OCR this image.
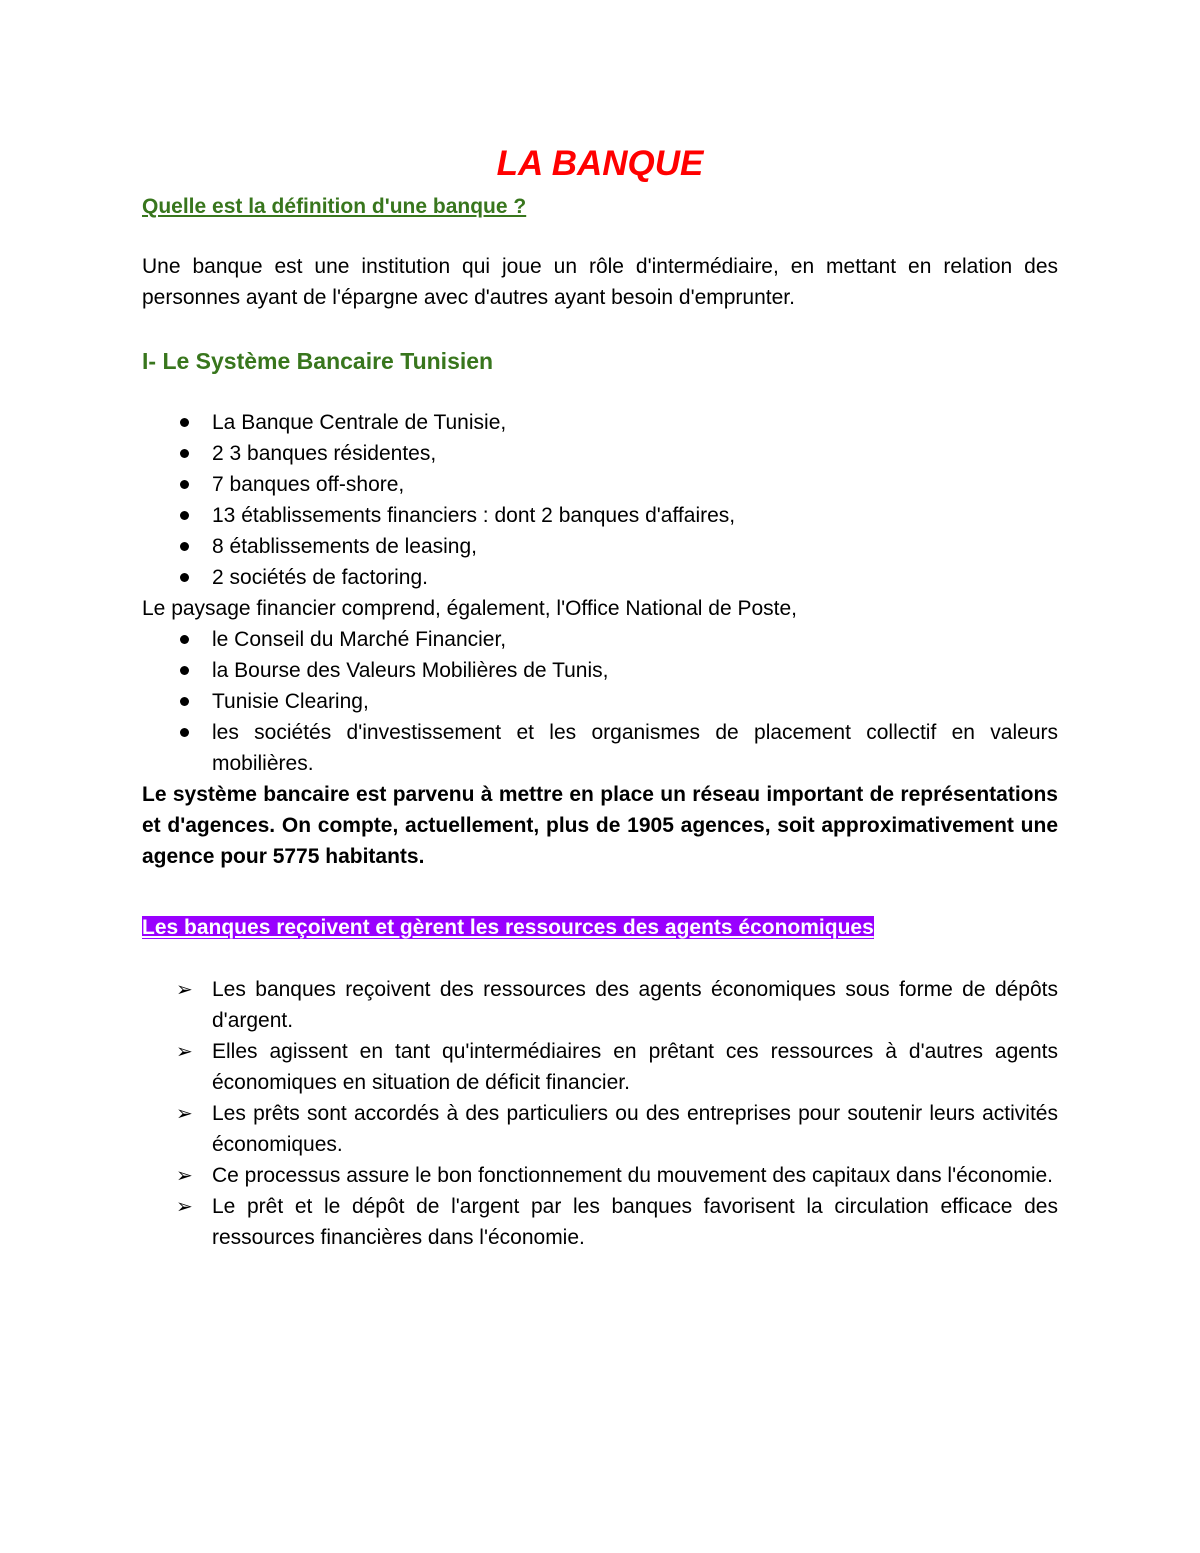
LA BANQUE
Quelle est la définition d'une banque ?

Une banque est une institution qui joue un rôle d'intermédiaire, en mettant en relation des personnes ayant de l'épargne avec d'autres ayant besoin d'emprunter.

I- Le Système Bancaire Tunisien
La Banque Centrale de Tunisie,
2 3 banques résidentes,
7 banques off-shore,
13 établissements financiers : dont 2 banques d'affaires,
8 établissements de leasing,
2 sociétés de factoring.

Le paysage financier comprend, également, l'Office National de Poste,

le Conseil du Marché Financier,
la Bourse des Valeurs Mobilières de Tunis,
Tunisie Clearing,
les sociétés d'investissement et les organismes de placement collectif en valeurs mobilières.

Le système bancaire est parvenu à mettre en place un réseau important de représentations et d'agences. On compte, actuellement, plus de 1905 agences, soit approximativement une agence pour 5775 habitants.

Les banques reçoivent et gèrent les ressources des agents économiques
➢ Les banques reçoivent des ressources des agents économiques sous forme de dépôts d'argent.
➢ Elles agissent en tant qu'intermédiaires en prêtant ces ressources à d'autres agents économiques en situation de déficit financier.
➢ Les prêts sont accordés à des particuliers ou des entreprises pour soutenir leurs activités économiques.
➢ Ce processus assure le bon fonctionnement du mouvement des capitaux dans l'économie.
➢ Le prêt et le dépôt de l'argent par les banques favorisent la circulation efficace des ressources financières dans l'économie.
